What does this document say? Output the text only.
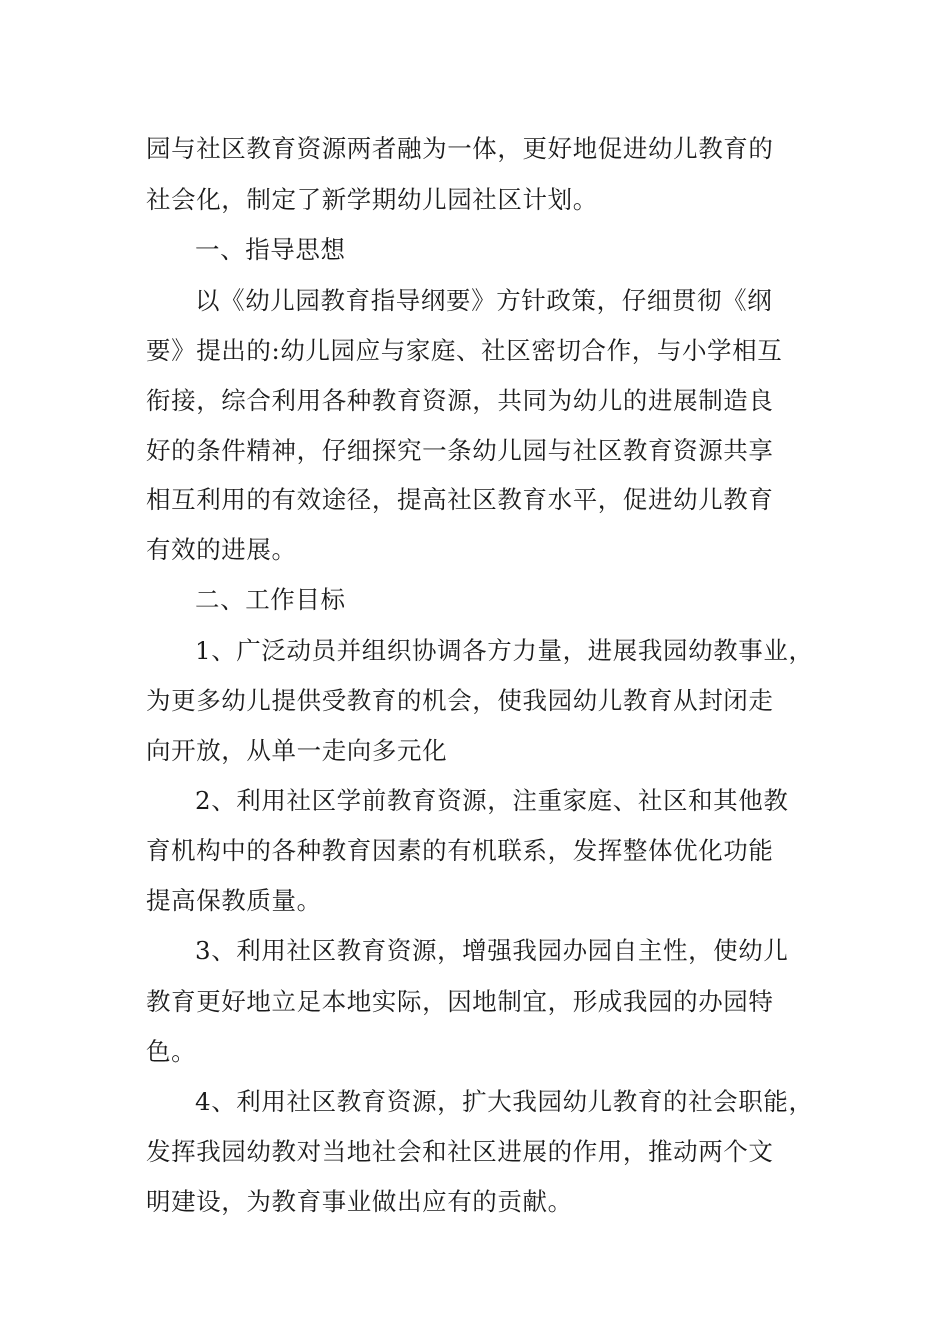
园与社区教育资源两者融为一体，更好地促进幼儿教育的
社会化，制定了新学期幼儿园社区计划。
一、指导思想
以《幼儿园教育指导纲要》方针政策，仔细贯彻《纲
要》提出的:幼儿园应与家庭、社区密切合作，与小学相互
衔接，综合利用各种教育资源，共同为幼儿的进展制造良
好的条件精神，仔细探究一条幼儿园与社区教育资源共享
相互利用的有效途径，提高社区教育水平，促进幼儿教育
有效的进展。
二、工作目标
1、广泛动员并组织协调各方力量，进展我园幼教事业，
为更多幼儿提供受教育的机会，使我园幼儿教育从封闭走
向开放，从单一走向多元化
2、利用社区学前教育资源，注重家庭、社区和其他教
育机构中的各种教育因素的有机联系，发挥整体优化功能
提高保教质量。
3、利用社区教育资源，增强我园办园自主性，使幼儿
教育更好地立足本地实际，因地制宜，形成我园的办园特
色。
4、利用社区教育资源，扩大我园幼儿教育的社会职能，
发挥我园幼教对当地社会和社区进展的作用，推动两个文
明建设，为教育事业做出应有的贡献。
